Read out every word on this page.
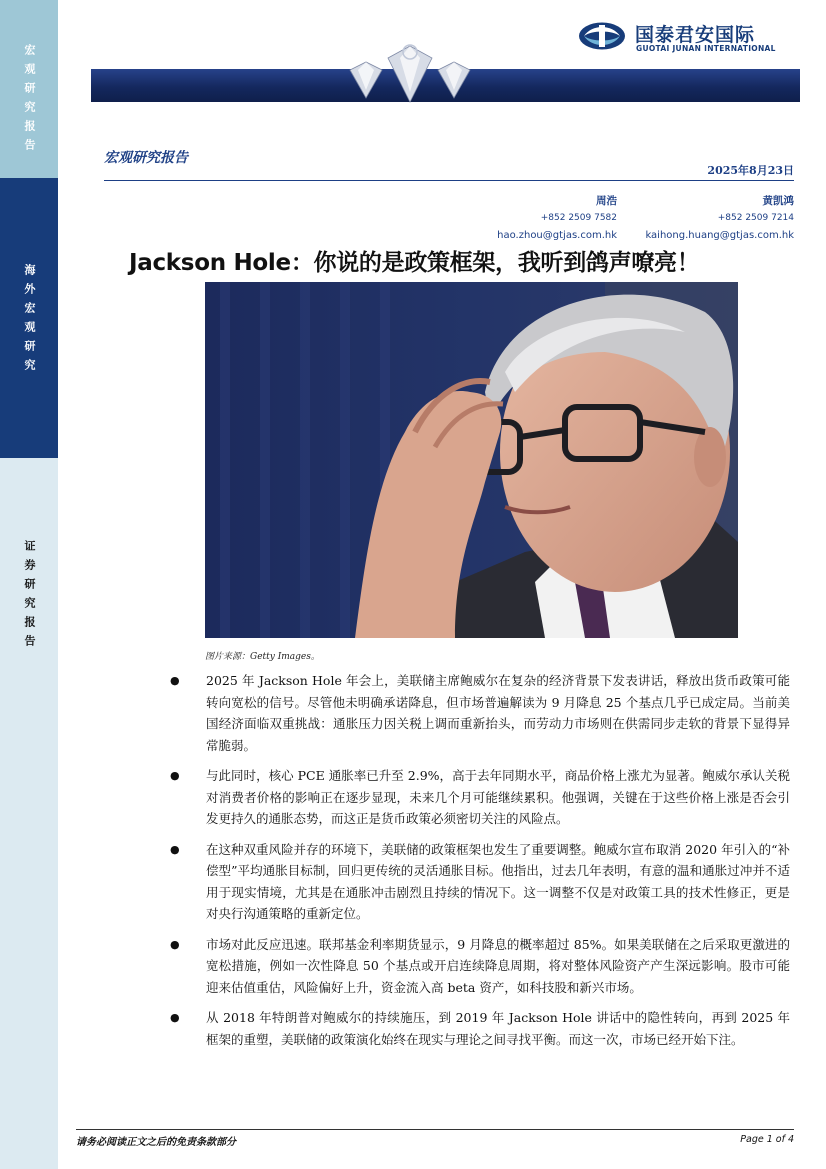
宏观研究报告
海外宏观研究
证券研究报告
国泰君安国际
GUOTAI JUNAN INTERNATIONAL
宏观研究报告
2025年8月23日
周浩
+852 2509 7582
hao.zhou@gtjas.com.hk
黄凯鸿
+852 2509 7214
kaihong.huang@gtjas.com.hk
Jackson Hole：你说的是政策框架，我听到鸽声嘹亮！
图片来源：Getty Images。
● 2025 年 Jackson Hole 年会上，美联储主席鲍威尔在复杂的经济背景下发表讲话，释放出货币政策可能转向宽松的信号。尽管他未明确承诺降息，但市场普遍解读为 9 月降息 25 个基点几乎已成定局。当前美国经济面临双重挑战：通胀压力因关税上调而重新抬头，而劳动力市场则在供需同步走软的背景下显得异常脆弱。
● 与此同时，核心 PCE 通胀率已升至 2.9%，高于去年同期水平，商品价格上涨尤为显著。鲍威尔承认关税对消费者价格的影响正在逐步显现，未来几个月可能继续累积。他强调，关键在于这些价格上涨是否会引发更持久的通胀态势，而这正是货币政策必须密切关注的风险点。
● 在这种双重风险并存的环境下，美联储的政策框架也发生了重要调整。鲍威尔宣布取消 2020 年引入的“补偿型”平均通胀目标制，回归更传统的灵活通胀目标。他指出，过去几年表明，有意的温和通胀过冲并不适用于现实情境，尤其是在通胀冲击剧烈且持续的情况下。这一调整不仅是对政策工具的技术性修正，更是对央行沟通策略的重新定位。
● 市场对此反应迅速。联邦基金利率期货显示，9 月降息的概率超过 85%。如果美联储在之后采取更激进的宽松措施，例如一次性降息 50 个基点或开启连续降息周期，将对整体风险资产产生深远影响。股市可能迎来估值重估，风险偏好上升，资金流入高 beta 资产，如科技股和新兴市场。
● 从 2018 年特朗普对鲍威尔的持续施压，到 2019 年 Jackson Hole 讲话中的隐性转向，再到 2025 年框架的重塑，美联储的政策演化始终在现实与理论之间寻找平衡。而这一次，市场已经开始下注。
请务必阅读正文之后的免责条款部分	Page 1 of 4
